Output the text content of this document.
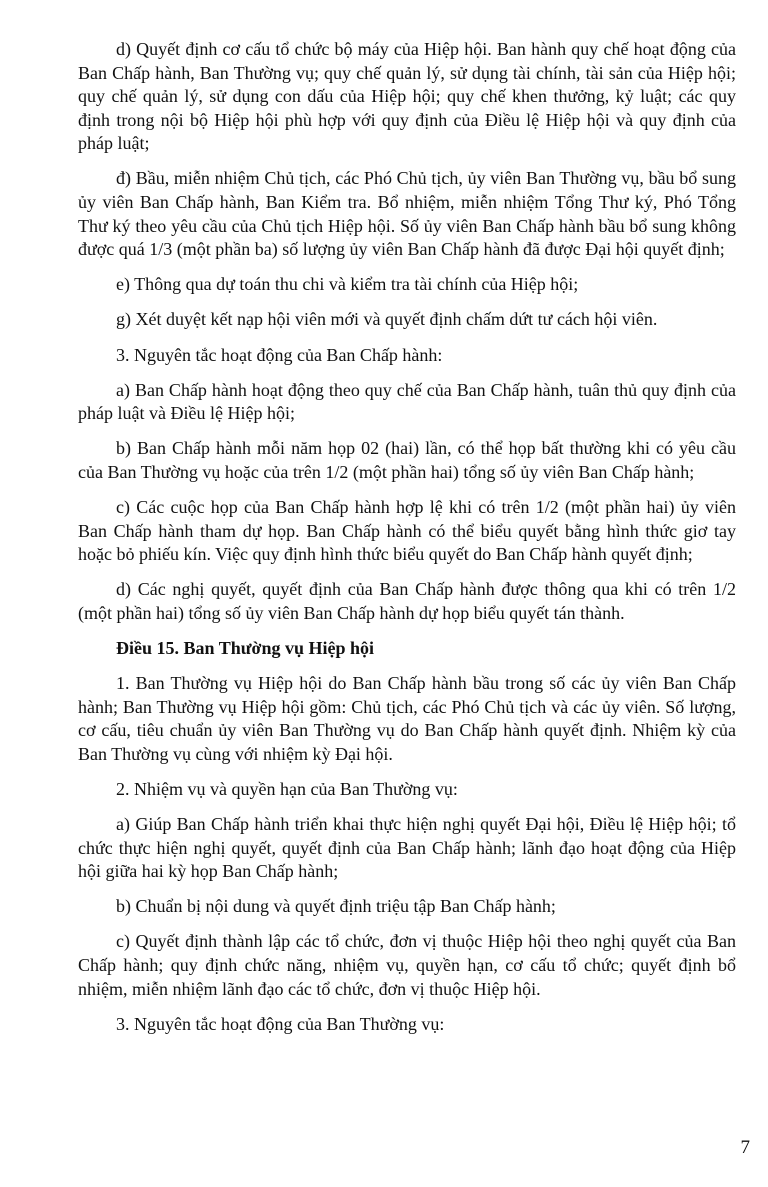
d) Quyết định cơ cấu tổ chức bộ máy của Hiệp hội. Ban hành quy chế hoạt động của Ban Chấp hành, Ban Thường vụ; quy chế quản lý, sử dụng tài chính, tài sản của Hiệp hội; quy chế quản lý, sử dụng con dấu của Hiệp hội; quy chế khen thưởng, kỷ luật; các quy định trong nội bộ Hiệp hội phù hợp với quy định của Điều lệ Hiệp hội và quy định của pháp luật;

đ) Bầu, miễn nhiệm Chủ tịch, các Phó Chủ tịch, ủy viên Ban Thường vụ, bầu bổ sung ủy viên Ban Chấp hành, Ban Kiểm tra. Bổ nhiệm, miễn nhiệm Tổng Thư ký, Phó Tổng Thư ký theo yêu cầu của Chủ tịch Hiệp hội. Số ủy viên Ban Chấp hành bầu bổ sung không được quá 1/3 (một phần ba) số lượng ủy viên Ban Chấp hành đã được Đại hội quyết định;

e) Thông qua dự toán thu chi và kiểm tra tài chính của Hiệp hội;

g) Xét duyệt kết nạp hội viên mới và quyết định chấm dứt tư cách hội viên.

3. Nguyên tắc hoạt động của Ban Chấp hành:

a) Ban Chấp hành hoạt động theo quy chế của Ban Chấp hành, tuân thủ quy định của pháp luật và Điều lệ Hiệp hội;

b) Ban Chấp hành mỗi năm họp 02 (hai) lần, có thể họp bất thường khi có yêu cầu của Ban Thường vụ hoặc của trên 1/2 (một phần hai) tổng số ủy viên Ban Chấp hành;

c) Các cuộc họp của Ban Chấp hành hợp lệ khi có trên 1/2 (một phần hai) ủy viên Ban Chấp hành tham dự họp. Ban Chấp hành có thể biểu quyết bằng hình thức giơ tay hoặc bỏ phiếu kín. Việc quy định hình thức biểu quyết do Ban Chấp hành quyết định;

d) Các nghị quyết, quyết định của Ban Chấp hành được thông qua khi có trên 1/2 (một phần hai) tổng số ủy viên Ban Chấp hành dự họp biểu quyết tán thành.

Điều 15. Ban Thường vụ Hiệp hội

1. Ban Thường vụ Hiệp hội do Ban Chấp hành bầu trong số các ủy viên Ban Chấp hành; Ban Thường vụ Hiệp hội gồm: Chủ tịch, các Phó Chủ tịch và các ủy viên. Số lượng, cơ cấu, tiêu chuẩn ủy viên Ban Thường vụ do Ban Chấp hành quyết định. Nhiệm kỳ của Ban Thường vụ cùng với nhiệm kỳ Đại hội.

2. Nhiệm vụ và quyền hạn của Ban Thường vụ:

a) Giúp Ban Chấp hành triển khai thực hiện nghị quyết Đại hội, Điều lệ Hiệp hội; tổ chức thực hiện nghị quyết, quyết định của Ban Chấp hành; lãnh đạo hoạt động của Hiệp hội giữa hai kỳ họp Ban Chấp hành;

b) Chuẩn bị nội dung và quyết định triệu tập Ban Chấp hành;

c) Quyết định thành lập các tổ chức, đơn vị thuộc Hiệp hội theo nghị quyết của Ban Chấp hành; quy định chức năng, nhiệm vụ, quyền hạn, cơ cấu tổ chức; quyết định bổ nhiệm, miễn nhiệm lãnh đạo các tổ chức, đơn vị thuộc Hiệp hội.

3. Nguyên tắc hoạt động của Ban Thường vụ:

7
